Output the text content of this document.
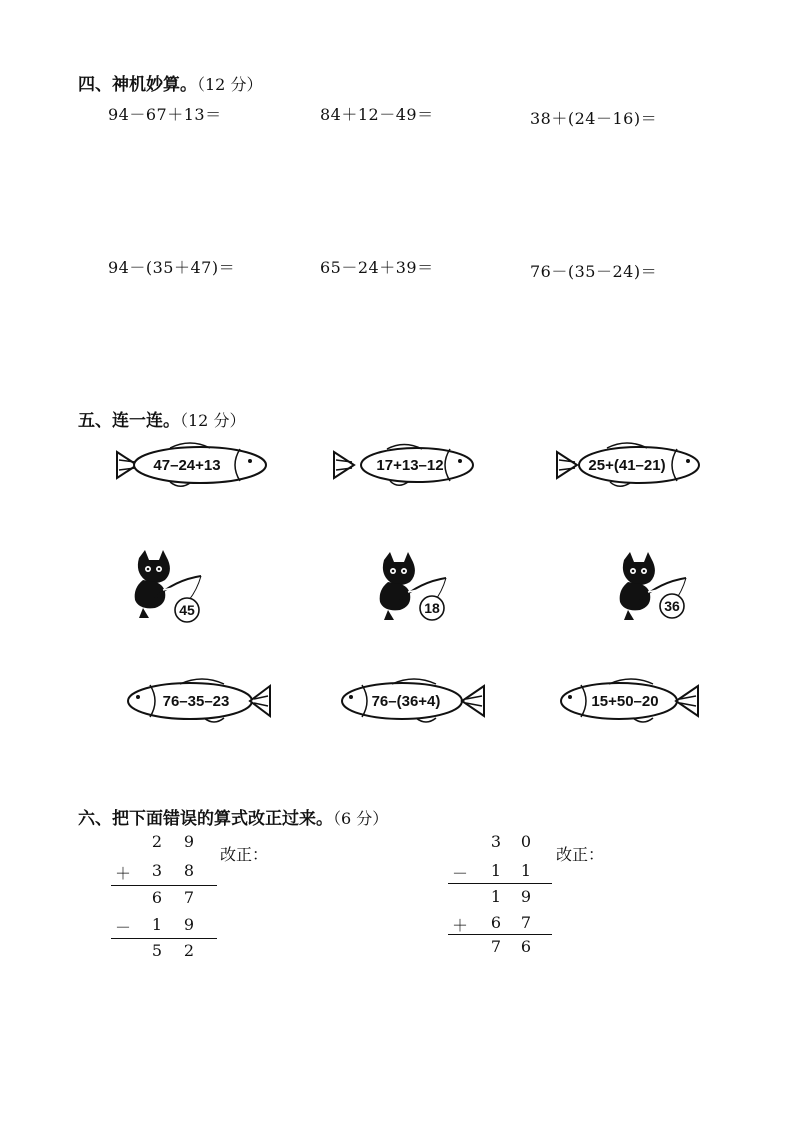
四、神机妙算。（12 分）
94－67＋13＝	84＋12－49＝	38＋(24－16)＝
94－(35＋47)＝	65－24＋39＝	76－(35－24)＝
五、连一连。（12 分）
47–24+13	17+13–12	25+(41–21)
45	18	36
76–35–23	76–(36+4)	15+50–20
六、把下面错误的算式改正过来。（6 分）
2	9
＋	3	8
6	7
－	1	9
5	2
改正：
3	0
－	1	1
1	9
＋	6	7
7	6
改正：
